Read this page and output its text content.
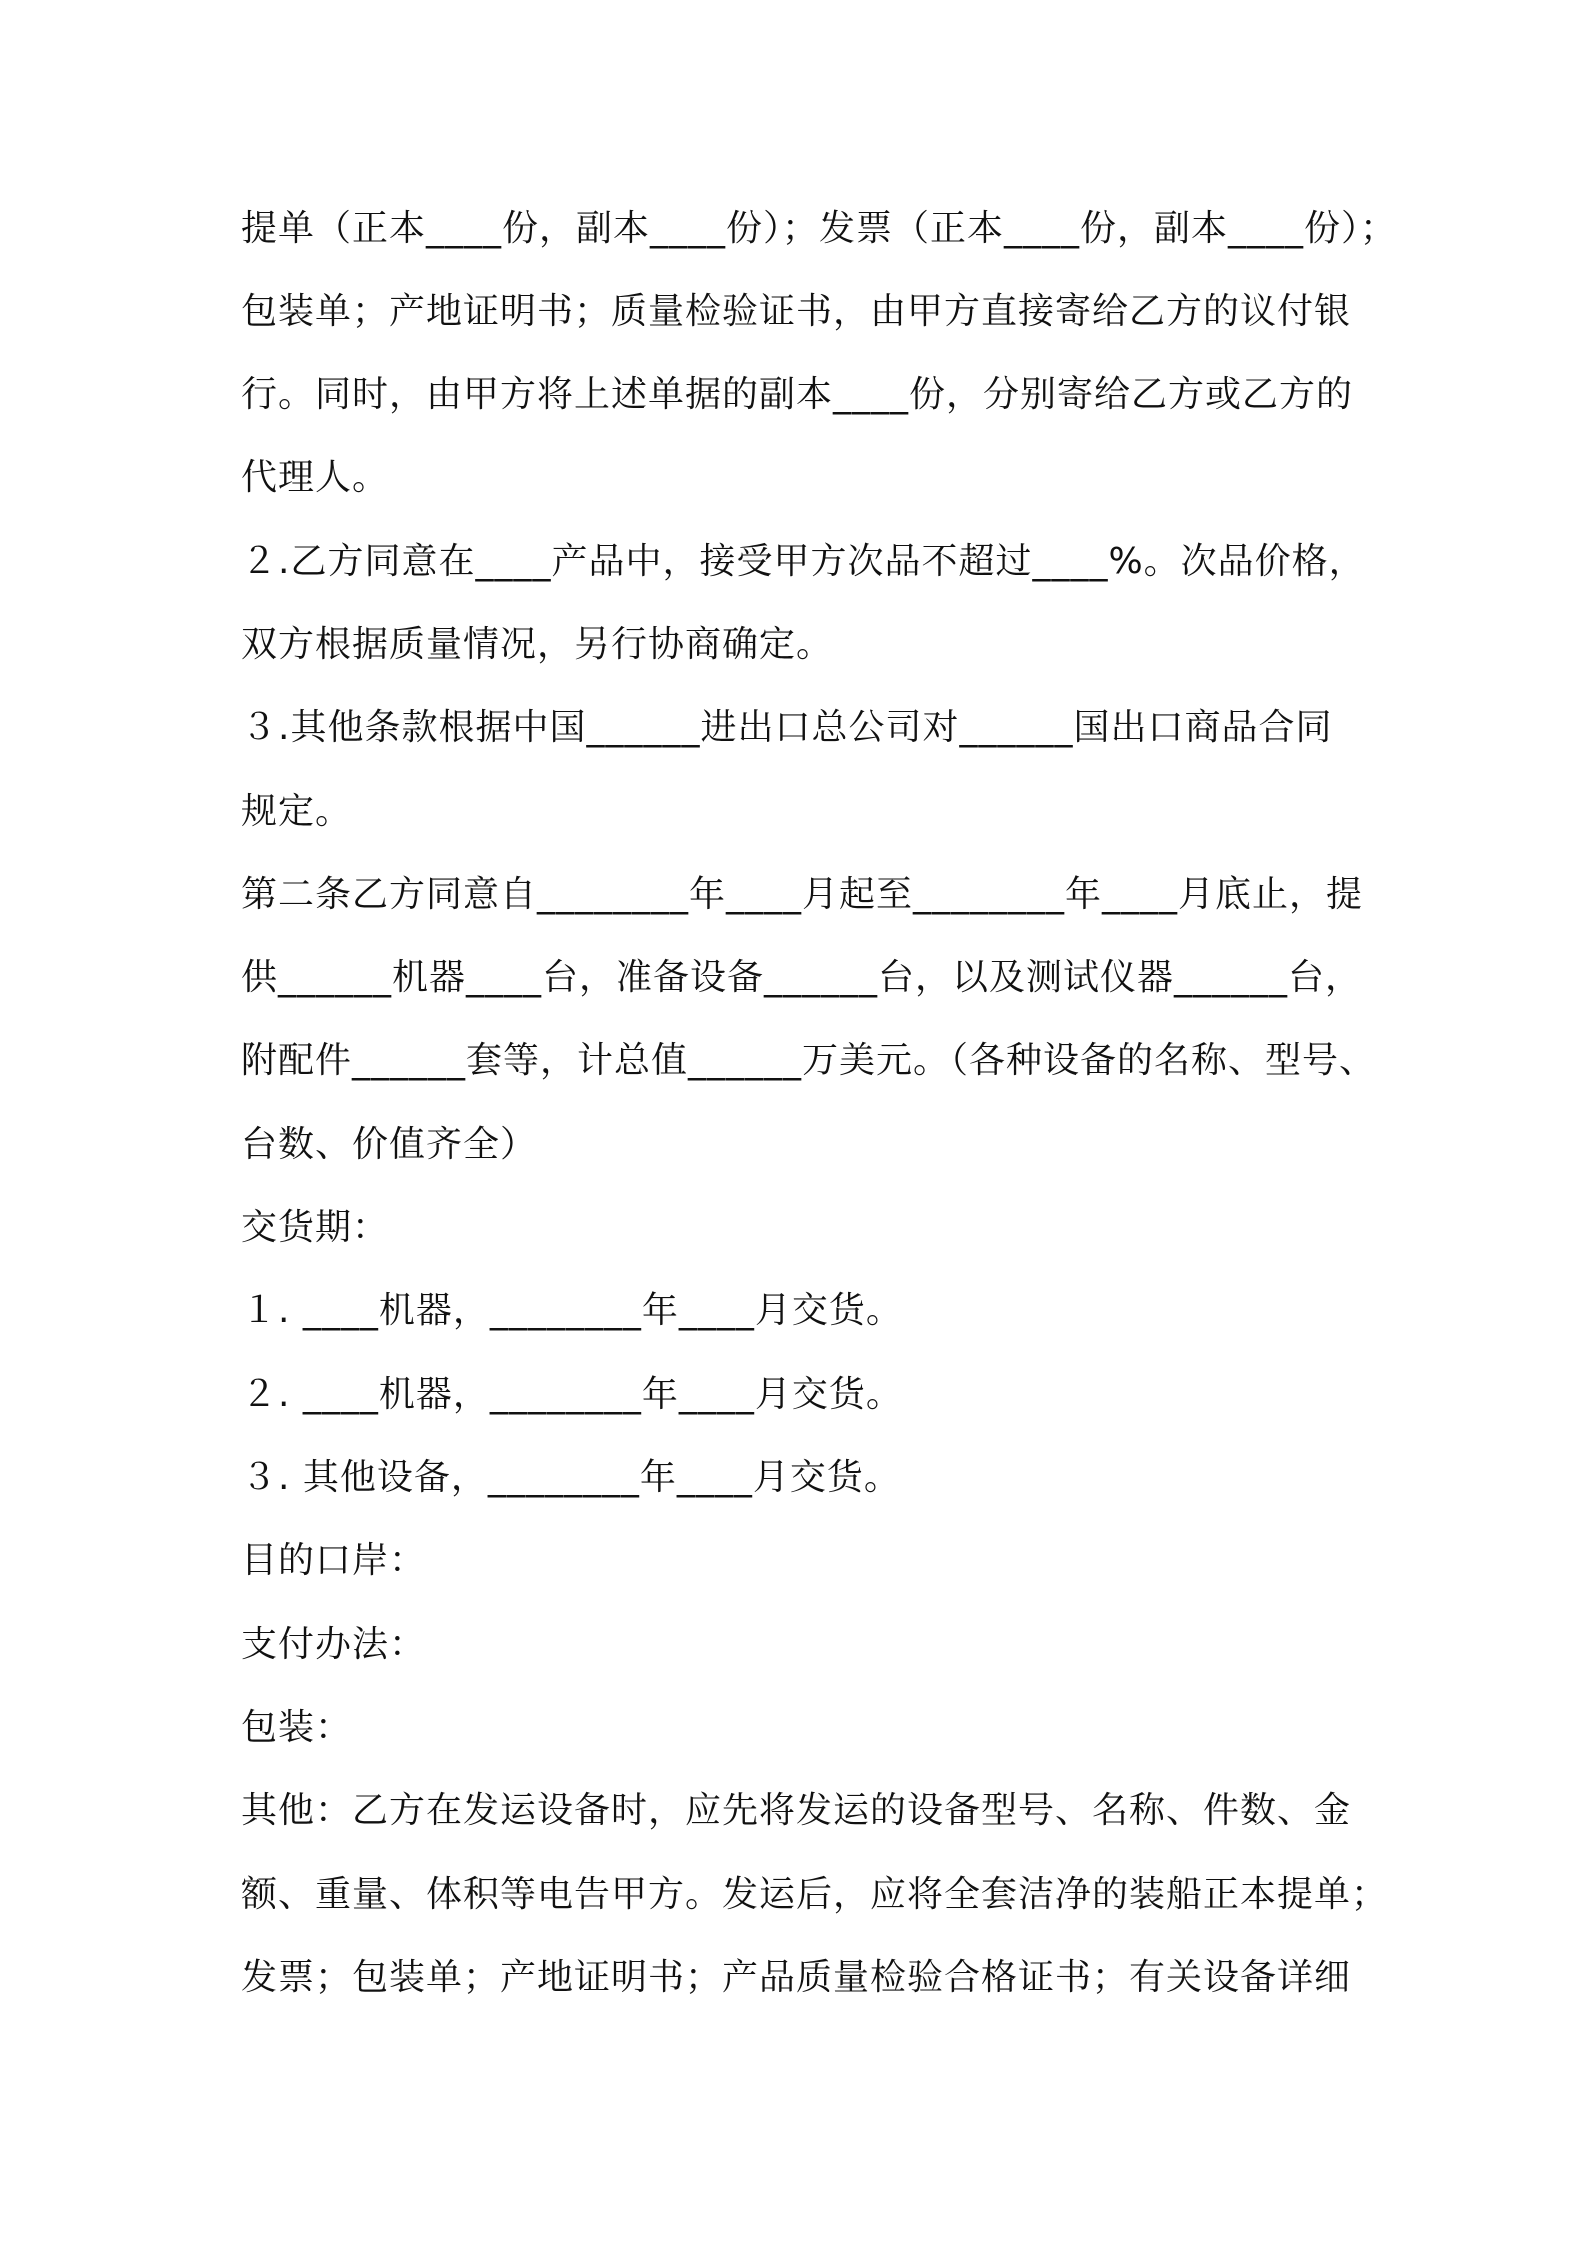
提单（正本____份，副本____份）；发票（正本____份，副本____份）；
包装单；产地证明书；质量检验证书，由甲方直接寄给乙方的议付银
行。同时，由甲方将上述单据的副本____份，分别寄给乙方或乙方的
代理人。
２.乙方同意在____产品中，接受甲方次品不超过____%。次品价格，
双方根据质量情况，另行协商确定。
３.其他条款根据中国______进出口总公司对______国出口商品合同
规定。
第二条乙方同意自________年____月起至________年____月底止，提
供______机器____台，准备设备______台，以及测试仪器______台，
附配件______套等，计总值______万美元。（各种设备的名称、型号、
台数、价值齐全）
交货期：
１. ____机器，________年____月交货。
２. ____机器，________年____月交货。
３. 其他设备，________年____月交货。
目的口岸：
支付办法：
包装：
其他：乙方在发运设备时，应先将发运的设备型号、名称、件数、金
额、重量、体积等电告甲方。发运后，应将全套洁净的装船正本提单；
发票；包装单；产地证明书；产品质量检验合格证书；有关设备详细
